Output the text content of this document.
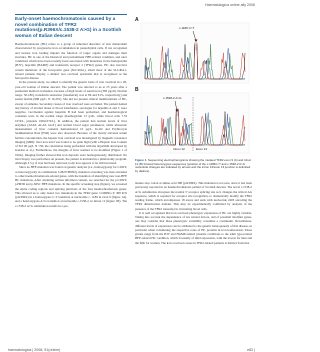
Haematologica online ally 2006
Early-onset haemochromatosis caused by a novel combination of TFR2 mutations(p.R396X/c.1538-2 A>G) in a Scottish woman of Italian descent

Haemochromatosis (HC) refers to a group of inherited disorders of iron metabolism characterized by progressive iron accumulation in parenchymal cells. If not recognized and treated, iron loading impairs the function of target organs and damages their structure. HC is one of the historical and predominant HFE-related condition, and rarer conditions which have been recently been associated with mutations in the hemojuvelin (HJV), hepcidin (HAMP) and transferrin receptor 2 (TFR2) genes. HC also involves certain mutations of the ferroportin gene (SLC40A1), albeit most of the SLC40A1-related patients display a distinct non overload syndrome that is recognised as the ferroportin disease.

In the present study, we aimed to identify the genetic basis of iron overload in a 28-year-old woman of Italian descent. The patient was referred to us at 25 years after a premarital medical evaluation, because of high levels of serum iron (383 µg/dl). Normal range: 50-180), transferrin saturation (transferrin) was at 86 and 91%, respectively) and serum ferritin (998 µg/L; N 10-291). She did not present clinical manifestations of HC, except of asthenia. Secondary causes of iron overload were excluded. The patient denied any history of alcohol abuse or blood transfusion, serologies for hepatitis A and C were negative, vaccination against hepatitis B had been performed, and haematological constants were in the normal range (haemoglobin 13 g/dL, white blood cells 7.53 10^9/L, platelets 190x10^9/L). In addition, the patient had normal levels of liver enzymes (ASAT, ALAT, GGT) and normal blood sugar parameters, while ultrasonic measurement of liver contents demonstrated 10 µg/L. In-O2 and Erythrocyte Sedimentation Rate (ESR) were also observed. Because of the clearly elevated serum ferritin concentration, the hepatic iron overload was investigated by magnetic resonance imaging (MRI): liver iron level was found to be quite high (with a Hepatic Iron Content of 310 90 µg/L N <36; the calculation being performed with the algorithm developed by Gandon et al.). Furthermore, the margins of liver seemed to be modified (Figure 1 of Table). Imaging further showed that iron deposits were homogeneously distributed. No liver biopsy was performed. At present, the patient is included in a phlebotomy program. Although 2.5 g of iron had been removed, body iron appears to be still increased.

Since no HFE mutation was found on genetic analysis (i.e., homozygosity for C282Y, or heterozygosity in combination C282Y/H63D), mutation screening was then extended to other haemochromatosis-related genes, with the intention of identifying new non-HFE HC mutations. After obtaining written informed consent, we searched for the p.C282Y, p.H63D and p.S65C HFE mutations. In the specific screening step (figure), we screened the entire coding regions and splicing junctions of the four haemochromatosis genes. This allowed us to only detect two mutations in the TFR2 gene: CODING P. 368 R/X (p.R396X) in a homozygous C-T transition at nucleotide c. 1186 in exon 9 (figure 1A), and a heterozygous A>G transition at nucleotide c.1538-2, in intron 12 (figure 1B). The c.1538-2 A>G substitution results in a pre-

A
B
c.1186 C>T
c.1538-2 A>G
Intron 12	Exon 13

Figure 1. Sequencing electropherograms showing the mutated TFR2 exon 9 (A) and intron 12 (B) forward heterozygous sequences (position of the c.1186C>T and c.1538-2 A>G nucleotide changes are indicated by arrows and the intron 12/exon 13 junction is delimited by dashes).

mature stop codon at amino-acid 368 (p.R396X). This mutation is not new, since it has been previously reported in an haemochromatosis patient of Scottish descent. The novel c.1538-2 A>G substitution abrogates the normal 3' acceptor splicing site as it changes the critical AG sequence, which is required for acceptor site recognition, to dramatically modify the TFR2 reading frame, which encompasses 18 exons and ends with nucleotide 2403 encoding the TFR2 dimerization domain. This may be experimentally confirmed by analysis of the presence of the TFR2 transcript in circulating blood cells.

It is well recognised that iron overload phenotypic expression of HC are highly variable. Taking into account the dependence of sex related factors, and of potential modifier genes, one may consider that these phenotypic variability constitute a continuum. Nevertheless, different levels of expression can be attributed to the genetic heterogeneity of this disease, in particular when considering the respective roles of HC proteins in iron homeostasis. Three grades range from the HJV and HAMP-related juvenile conditions to the adult type-related HFE-related HC condition, which is usually of mild expression, with the lowest for men and the fifth for women. The iron overload course in TFR2-related patients is distinct from that

haematologica | 2006; 91(online)	e83 |
